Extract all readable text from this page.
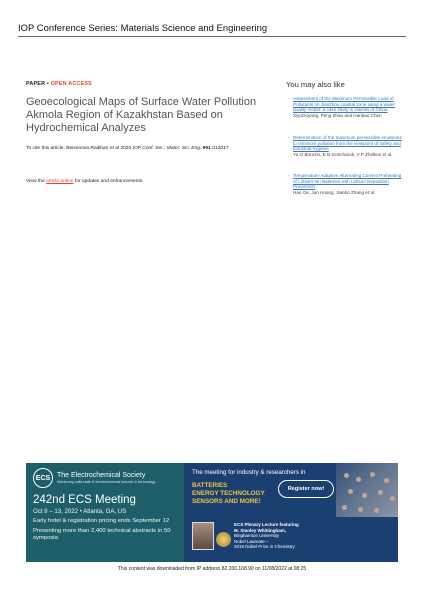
IOP Conference Series: Materials Science and Engineering
PAPER • OPEN ACCESS
Geoecological Maps of Surface Water Pollution Akmola Region of Kazakhstan Based on Hydrochemical Analyzes
To cite this article: Beisenova Raikhan et al 2020 IOP Conf. Ser.: Mater. Sci. Eng. 901 012017
View the article online for updates and enhancements.
You may also like
- Assessment of the Maximum Permissible Load of Pollutants on Jiaozhou coastal zone using a water quality model: a case study in Hainan of China
XiyuOuyang, Peng Zhao and Hanbao Chen
- Determination of the maximum permissible emissions to minimize pollution from the viewpoint of safety and industrial hygiene
Yu O Borozin, E N Goncharuk, V P Zholkov et al.
- Temperature-Adaptive Alternating Current Preheating of Lithium-Ion Batteries with Lithium Deposition Prevention
Hao Ge, Jun Huang, Jianbo Zhang et al.
ECS The Electrochemical Society
Advancing solid state & electrochemical science & technology
242nd ECS Meeting
Oct 9 – 13, 2022 • Atlanta, GA, US
Early hotel & registration pricing ends September 12
Presenting more than 2,400 technical abstracts in 50 symposia
The meeting for industry & researchers in
BATTERIES
ENERGY TECHNOLOGY
SENSORS AND MORE!
Register now!
ECS Plenary Lecture featuring
M. Stanley Whittingham,
Binghamton University
Nobel Laureate –
2019 Nobel Prize in Chemistry
This content was downloaded from IP address 82.200.168.90 on 11/08/2022 at 08:25
